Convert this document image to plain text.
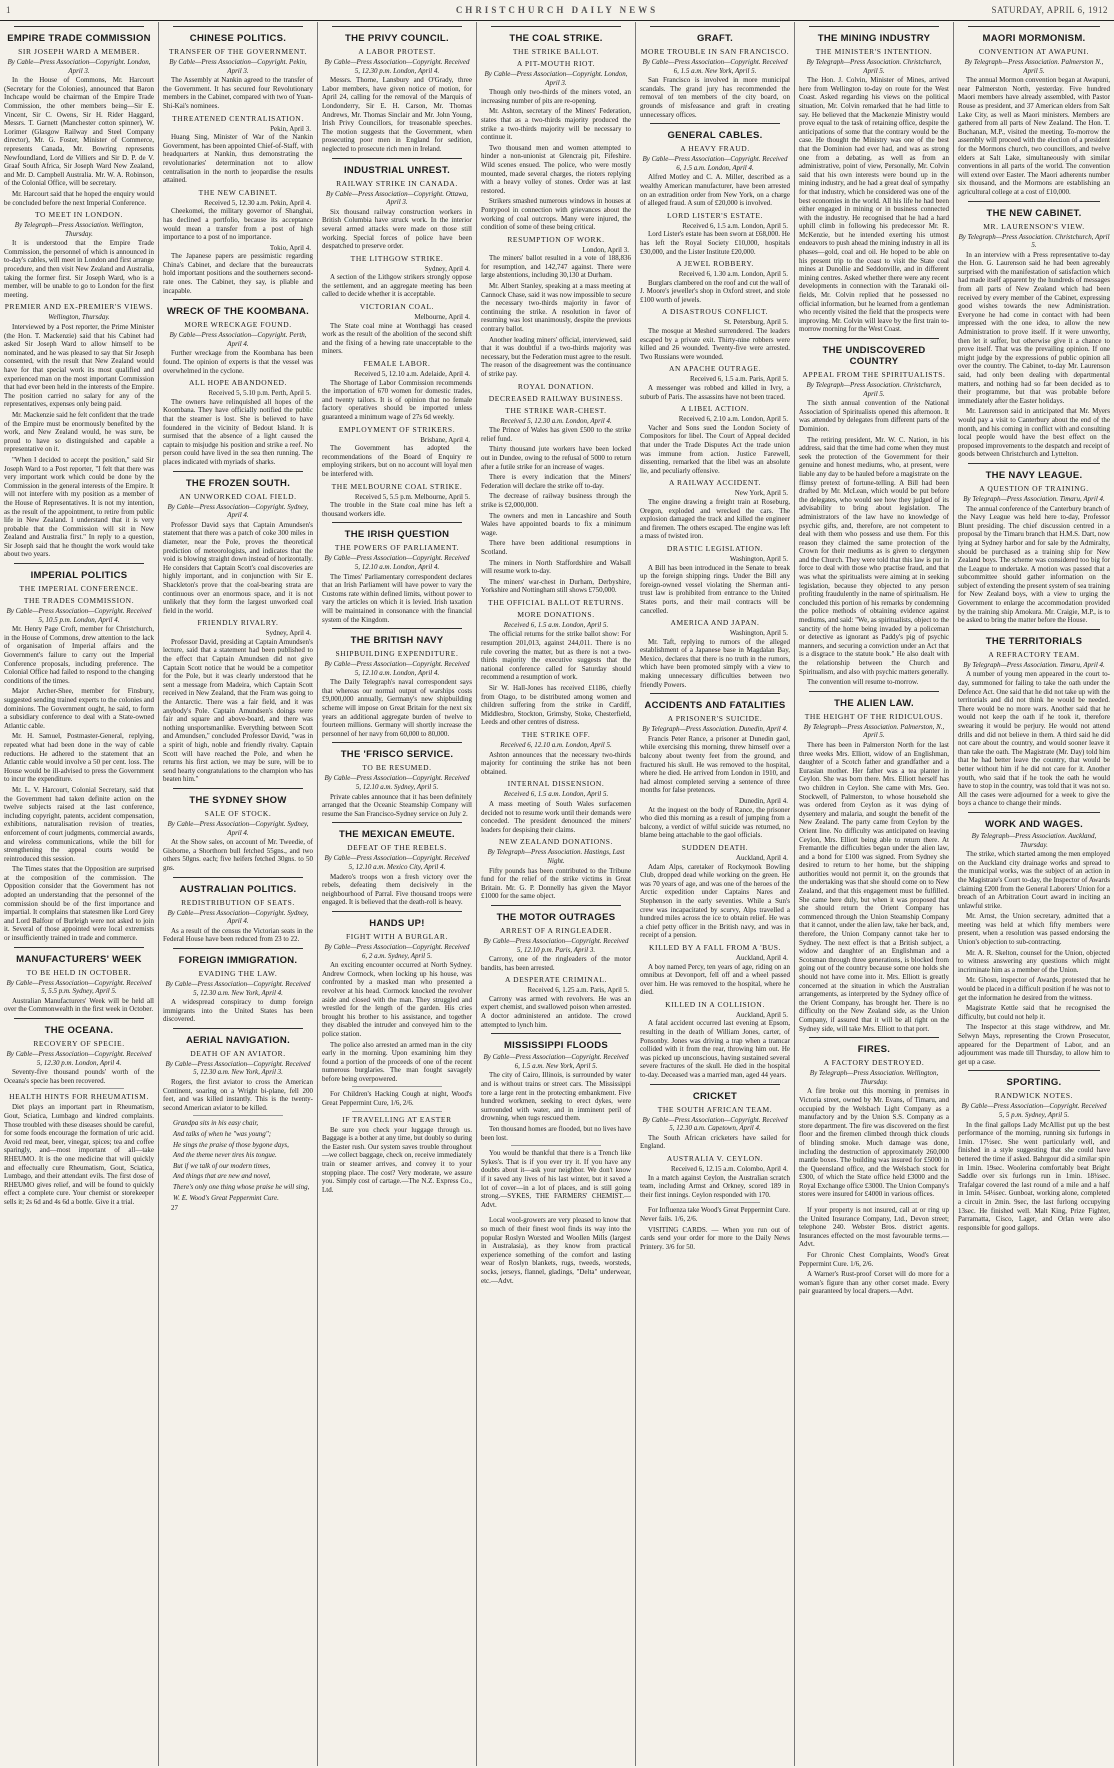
1	CHRISTCHURCH DAILY NEWS	SATURDAY, APRIL 6, 1912
EMPIRE TRADE COMMISSION
SIR JOSEPH WARD A MEMBER.
By Cable—Press Association—Copyright. London, April 3.

In the House of Commons, Mr. Harcourt (Secretary for the Colonies), announced that Baron Inchcape would be chairman of the Empire Trade Commission, the other members being—Sir E. Vincent, Sir C. Owens, Sir H. Rider Haggard, Messrs. T. Garnett (Manchester cotton spinner), W. Lorimer (Glasgow Railway and Steel Company director), Mr. G. Foster, Minister of Commerce, represents Canada, Mr. Bowring represents Newfoundland, Lord de Villiers and Sir D. P. de V. Graaf South Africa, Sir Joseph Ward New Zealand, and Mr. D. Campbell Australia. Mr. W. A. Robinson, of the Colonial Office, will be secretary.

Mr. Harcourt said that he hoped the enquiry would be concluded before the next Imperial Conference.

TO MEET IN LONDON.
By Telegraph—Press Association. Wellington, Thursday.

It is understood that the Empire Trade Commission, the personnel of which is announced in to-day's cables, will meet in London and first arrange procedure, and then visit New Zealand and Australia, taking the former first. Sir Joseph Ward, who is a member, will be unable to go to London for the first meeting.

PREMIER AND EX-PREMIER'S VIEWS.
Wellington, Thursday.

Interviewed by a Post reporter, the Prime Minister (the Hon. T. Mackenzie) said that his Cabinet had asked Sir Joseph Ward to allow himself to be nominated, and he was pleased to say that Sir Joseph consented, with the result that New Zealand would have for that special work its most qualified and experienced man on the most important Commission that had ever been held in the interests of the Empire. The position carried no salary for any of the representatives, expenses only being paid.

Mr. Mackenzie said he felt confident that the trade of the Empire must be enormously benefited by the work, and New Zealand would, he was sure, be proud to have so distinguished and capable a representative on it.

"When I decided to accept the position," said Sir Joseph Ward to a Post reporter, "I felt that there was very important work which could be done by the Commission in the general interests of the Empire. It will not interfere with my position as a member of the House of Representatives. It is not my intention, as the result of the appointment, to retire from public life in New Zealand. I understand that it is very probable that the Commission will sit in New Zealand and Australia first." In reply to a question, Sir Joseph said that he thought the work would take about two years.

IMPERIAL POLITICS
THE IMPERIAL CONFERENCE.
THE TRADES COMMISSION.
By Cable—Press Association—Copyright. Received 5, 10.5 p.m. London, April 4.

Mr. Henry Page Croft, member for Christchurch, in the House of Commons, drew attention to the lack of organisation of Imperial affairs and the Government's failure to carry out the Imperial Conference proposals, including preference. The Colonial Office had failed to respond to the changing conditions of the times.

Major Archer-Shee, member for Finsbury, suggested sending trained experts to the colonies and dominions. The Government ought, he said, to form a subsidiary conference to deal with a State-owned Atlantic cable.

Mr. H. Samuel, Postmaster-General, replying, repeated what had been done in the way of cable reductions. He adhered to the statement that an Atlantic cable would involve a 50 per cent. loss. The House would be ill-advised to press the Government to incur the expenditure.

Mr. L. V. Harcourt, Colonial Secretary, said that the Government had taken definite action on the twelve subjects raised at the last conference, including copyright, patents, accident compensation, exhibitions, naturalisation revision of treaties, enforcement of court judgments, commercial awards, and wireless communications, while the bill for strengthening the appeal courts would be reintroduced this session.

The Times states that the Opposition are surprised at the composition of the commission. The Opposition consider that the Government has not adopted an understanding that the personnel of the commission should be of the first importance and impartial. It complains that statesmen like Lord Grey and Lord Balfour of Burleigh were not asked to join it. Several of those appointed were local extremists or insufficiently trained in trade and commerce.

MANUFACTURERS' WEEK
TO BE HELD IN OCTOBER.
By Cable—Press Association—Copyright. Received 5, 5.5 p.m. Sydney, April 5.

Australian Manufacturers' Week will be held all over the Commonwealth in the first week in October.

THE OCEANA.
RECOVERY OF SPECIE.
By Cable—Press Association—Copyright. Received 5, 12.30 p.m. London, April 4.

Seventy-five thousand pounds' worth of the Oceana's specie has been recovered.

HEALTH HINTS FOR RHEUMATISM.

Diet plays an important part in Rheumatism, Gout, Sciatica, Lumbago and kindred complaints. Those troubled with these diseases should be careful, for some foods encourage the formation of uric acid. Avoid red meat, beer, vinegar, spices; tea and coffee sparingly, and—most important of all—take RHEUMO. It is the one medicine that will quickly and effectually cure Rheumatism, Gout, Sciatica, Lumbago, and their attendant evils. The first dose of RHEUMO gives relief, and will be found to quickly effect a complete cure. Your chemist or storekeeper sells it; 2s 6d and 4s 6d a bottle. Give it a trial.

CHINESE POLITICS.
TRANSFER OF THE GOVERNMENT.
By Cable—Press Association—Copyright. Pekin, April 3.

The Assembly at Nankin agreed to the transfer of the Government. It has secured four Revolutionary members in the Cabinet, compared with two of Yuan-Shi-Kai's nominees.

THREATENED CENTRALISATION.
Pekin, April 3.

Huang Sing, Minister of War of the Nankin Government, has been appointed Chief-of-Staff, with headquarters at Nankin, thus demonstrating the revolutionaries' determination not to allow centralisation in the north to jeopardise the results attained.

THE NEW CABINET.
Received 5, 12.30 a.m. Pekin, April 4.

Cheekomei, the military governor of Shanghai, has declined a portfolio, because its acceptance would mean a transfer from a post of high importance to a post of no importance.

Tokio, April 4.

The Japanese papers are pessimistic regarding China's Cabinet, and declare that the bureaucrats hold important positions and the southerners second-rate ones. The Cabinet, they say, is pliable and incapable.

WRECK OF THE KOOMBANA.
MORE WRECKAGE FOUND.
By Cable—Press Association—Copyright. Perth, April 4.

Further wreckage from the Koombana has been found. The opinion of experts is that the vessel was overwhelmed in the cyclone.

ALL HOPE ABANDONED.
Received 5, 5.10 p.m. Perth, April 5.

The owners have relinquished all hopes of the Koombana. They have officially notified the public that the steamer is lost. She is believed to have foundered in the vicinity of Bedout Island. It is surmised that the absence of a light caused the captain to misjudge his position and strike a reef. No person could have lived in the sea then running. The places indicated with myriads of sharks.

THE FROZEN SOUTH.
AN UNWORKED COAL FIELD.
By Cable—Press Association—Copyright. Sydney, April 4.

Professor David says that Captain Amundsen's statement that there was a patch of coke 300 miles in diameter, near the Pole, proves the theoretical prediction of meteorologists, and indicates that the void is blowing straight down instead of horizontally. He considers that Captain Scott's coal discoveries are highly important, and in conjunction with Sir E. Shackleton's prove that the coal-bearing strata are continuous over an enormous space, and it is not unlikely that they form the largest unworked coal field in the world.

FRIENDLY RIVALRY.
Sydney, April 4.

Professor David, presiding at Captain Amundsen's lecture, said that a statement had been published to the effect that Captain Amundsen did not give Captain Scott notice that he would be a competitor for the Pole, but it was clearly understood that he sent a message from Madeira, which Captain Scott received in New Zealand, that the Fram was going to the Antarctic. There was a fair field, and it was anybody's Pole. Captain Amundsen's doings were fair and square and above-board, and there was nothing unsportsmanlike. Everything between Scott and Amundsen," concluded Professor David, "was in a spirit of high, noble and friendly rivalry. Captain Scott will have reached the Pole, and when he returns his first action, we may be sure, will be to send hearty congratulations to the champion who has beaten him."

THE SYDNEY SHOW
SALE OF STOCK.
By Cable—Press Association—Copyright. Sydney, April 4.

At the Show sales, on account of Mr. Tweedie, of Gisborne, a Shorthorn bull fetched 55gns., and two others 50gns. each; five heifers fetched 30gns. to 50 gns.

AUSTRALIAN POLITICS.
REDISTRIBUTION OF SEATS.
By Cable—Press Association—Copyright. Sydney, April 4.

As a result of the census the Victorian seats in the Federal House have been reduced from 23 to 22.

FOREIGN IMMIGRATION.
EVADING THE LAW.
By Cable—Press Association—Copyright. Received 5, 12.30 a.m. New York, April 4.

A widespread conspiracy to dump foreign immigrants into the United States has been discovered.

AERIAL NAVIGATION.
DEATH OF AN AVIATOR.
By Cable—Press Association—Copyright. Received 5, 12.30 a.m. New York, April 3.

Rogers, the first aviator to cross the American Continent, soaring on a Wright bi-plane, fell 200 feet, and was killed instantly. This is the twenty-second American aviator to be killed.

Grandpa sits in his easy chair,
And talks of when he "was young";
He sings the praise of those bygone days,
And the theme never tires his tongue.
But if we talk of our modern times,
And things that are new and novel,
There's only one thing whose praise he will sing,
W. E. Wood's Great Peppermint Cure.

27

THE PRIVY COUNCIL.
A LABOR PROTEST.
By Cable—Press Association—Copyright. Received 5, 12.30 p.m. London, April 4.

Messrs. Thorne, Lansbury and O'Grady, three Labor members, have given notice of motion, for April 24, calling for the removal of the Marquis of Londonderry, Sir E. H. Carson, Mr. Thomas Andrews, Mr. Thomas Sinclair and Mr. John Young, Irish Privy Councillors, for treasonable speeches. The motion suggests that the Government, when prosecuting poor men in England for sedition, neglected to prosecute rich men in Ireland.

INDUSTRIAL UNREST.
RAILWAY STRIKE IN CANADA.
By Cable—Press Association—Copyright. Ottawa, April 3.

Six thousand railway construction workers in British Columbia have struck work. In the interior several armed attacks were made on those still working. Special forces of police have been despatched to preserve order.

THE LITHGOW STRIKE.
Sydney, April 4.

A section of the Lithgow strikers strongly oppose the settlement, and an aggregate meeting has been called to decide whether it is acceptable.

VICTORIAN COAL.
Melbourne, April 4.

The State coal mine at Wonthaggi has ceased work as the result of the abolition of the second shift and the fixing of a hewing rate unacceptable to the miners.

FEMALE LABOR.
Received 5, 12.10 a.m. Adelaide, April 4.

The Shortage of Labor Commission recommends the importation of 670 women for domestic trades, and twenty tailors. It is of opinion that no female factory operatives should be imported unless guaranteed a minimum wage of 27s 6d weekly.

EMPLOYMENT OF STRIKERS.
Brisbane, April 4.

The Government has adopted the recommendations of the Board of Enquiry re employing strikers, but on no account will loyal men be interfered with.

THE MELBOURNE COAL STRIKE.
Received 5, 5.5 p.m. Melbourne, April 5.

The trouble in the State coal mine has left a thousand workers idle.

THE IRISH QUESTION
THE POWERS OF PARLIAMENT.
By Cable—Press Association—Copyright. Received 5, 12.10 a.m. London, April 4.

The Times' Parliamentary correspondent declares that an Irish Parliament will have power to vary the Customs rate within defined limits, without power to vary the articles on which it is levied. Irish taxation will be maintained in consonance with the financial system of the Kingdom.

THE BRITISH NAVY
SHIPBUILDING EXPENDITURE.
By Cable—Press Association—Copyright. Received 5, 12.10 a.m. London, April 4.

The Daily Telegraph's naval correspondent says that whereas our normal output of warships costs £9,000,000 annually, Germany's new shipbuilding scheme will impose on Great Britain for the next six years an additional aggregate burden of twelve to fourteen millions. Germany will shortly increase the personnel of her navy from 60,000 to 80,000.

THE 'FRISCO SERVICE.
TO BE RESUMED.
By Cable—Press Association—Copyright. Received 5, 12.10 a.m. Sydney, April 5.

Private cables announce that it has been definitely arranged that the Oceanic Steamship Company will resume the San Francisco-Sydney service on July 2.

THE MEXICAN EMEUTE.
DEFEAT OF THE REBELS.
By Cable—Press Association—Copyright. Received 5, 12.10 a.m. Mexico City, April 4.

Madero's troops won a fresh victory over the rebels, defeating them decisively in the neighbourhood of Parral. Five thousand troops were engaged. It is believed that the death-roll is heavy.

HANDS UP!
FIGHT WITH A BURGLAR.
By Cable—Press Association—Copyright. Received 6, 2 a.m. Sydney, April 5.

An exciting encounter occurred at North Sydney. Andrew Cormock, when locking up his house, was confronted by a masked man who presented a revolver at his head. Cormock knocked the revolver aside and closed with the man. They struggled and wrestled for the length of the garden. His cries brought his brother to his assistance, and together they disabled the intruder and conveyed him to the police station.

The police also arrested an armed man in the city early in the morning. Upon examining him they found a portion of the proceeds of one of the recent numerous burglaries. The man fought savagely before being overpowered.

For Children's Hacking Cough at night, Wood's Great Peppermint Cure, 1/6, 2/6.

IF TRAVELLING AT EASTER

Be sure you check your luggage through us. Baggage is a bother at any time, but doubly so during the Easter rush. Our system saves trouble throughout—we collect baggage, check on, receive immediately train or steamer arrives, and convey it to your stopping place. The cost? Very moderate, we assure you. Simply cost of cartage.—The N.Z. Express Co., Ltd.

THE COAL STRIKE.
THE STRIKE BALLOT.
A PIT-MOUTH RIOT.
By Cable—Press Association—Copyright. London, April 3.

Though only two-thirds of the miners voted, an increasing number of pits are re-opening.

Mr. Ashton, secretary of the Miners' Federation, states that as a two-thirds majority produced the strike a two-thirds majority will be necessary to continue it.

Two thousand men and women attempted to hinder a non-unionist at Glencraig pit, Fifeshire. Wild scenes ensued. The police, who were mostly mounted, made several charges, the rioters replying with a heavy volley of stones. Order was at last restored.

Strikers smashed numerous windows in houses at Pontypool in connection with grievances about the working of coal outcrops. Many were injured, the condition of some of these being critical.

RESUMPTION OF WORK.
London, April 3.

The miners' ballot resulted in a vote of 188,836 for resumption, and 142,747 against. There were large abstentions, including 30,130 at Durham.

Mr. Albert Stanley, speaking at a mass meeting at Cannock Chase, said it was now impossible to secure the necessary two-thirds majority in favor of continuing the strike. A resolution in favor of resuming was lost unanimously, despite the previous contrary ballot.

Another leading miners' official, interviewed, said that it was doubtful if a two-thirds majority was necessary, but the Federation must agree to the result. The reason of the disagreement was the continuance of strike pay.

ROYAL DONATION.
DECREASED RAILWAY BUSINESS.
THE STRIKE WAR-CHEST.
Received 5, 12.30 a.m. London, April 4.

The Prince of Wales has given £500 to the strike relief fund.

Thirty thousand jute workers have been locked out in Dundee, owing to the refusal of 5000 to return after a futile strike for an increase of wages.

There is every indication that the Miners' Federation will declare the strike off to-day.

The decrease of railway business through the strike is £2,000,000.

The owners and men in Lancashire and South Wales have appointed boards to fix a minimum wage.

There have been additional resumptions in Scotland.

The miners in North Staffordshire and Walsall will resume work to-day.

The miners' war-chest in Durham, Derbyshire, Yorkshire and Nottingham still shows £750,000.

THE OFFICIAL BALLOT RETURNS.
MORE DONATIONS.
Received 6, 1.5 a.m. London, April 5.

The official returns for the strike ballot show: For resumption 201,013, against 244,011. There is no rule covering the matter, but as there is not a two-thirds majority the executive suggests that the national conference called for Saturday should recommend a resumption of work.

Sir W. Hall-Jones has received £1186, chiefly from Otago, to be distributed among women and children suffering from the strike in Cardiff, Middlesbro, Stockton, Grimsby, Stoke, Chesterfield, Leeds and other centres of distress.

THE STRIKE OFF.
Received 6, 12.10 a.m. London, April 5.

Ashton announces that the necessary two-thirds majority for continuing the strike has not been obtained.

INTERNAL DISSENSION.
Received 6, 1.5 a.m. London, April 5.

A mass meeting of South Wales surfacemen decided not to resume work until their demands were conceded. The president denounced the miners' leaders for despising their claims.

NEW ZEALAND DONATIONS.
By Telegraph—Press Association. Hastings, Last Night.

Fifty pounds has been contributed to the Tribune fund for the relief of the strike victims in Great Britain. Mr. G. P. Donnelly has given the Mayor £1000 for the same object.

THE MOTOR OUTRAGES
ARREST OF A RINGLEADER.
By Cable—Press Association—Copyright. Received 5, 12.10 p.m. Paris, April 3.

Carrony, one of the ringleaders of the motor bandits, has been arrested.

A DESPERATE CRIMINAL.
Received 6, 1.25 a.m. Paris, April 5.

Carrony was armed with revolvers. He was an expert chemist, and swallowed poison when arrested. A doctor administered an antidote. The crowd attempted to lynch him.

MISSISSIPPI FLOODS
By Cable—Press Association—Copyright. Received 6, 1.5 a.m. New York, April 5.

The city of Cairo, Illinois, is surrounded by water and is without trains or street cars. The Mississippi tore a large rent in the protecting embankment. Five hundred workmen, seeking to erect dykes, were surrounded with water, and in imminent peril of drowning, when tugs rescued them.

Ten thousand homes are flooded, but no lives have been lost.

You would be thankful that there is a Trench like Sykes's. That is if you ever try it. If you have any doubts about it—ask your neighbor. We don't know if it saved any lives of his last winter, but it saved a lot of cover—in a lot of places, and is still going strong.—SYKES, THE FARMERS' CHEMIST.—Advt.

Local wool-growers are very pleased to know that so much of their finest wool finds its way into the popular Roslyn Worsted and Woollen Mills (largest in Australasia), as they know from practical experience something of the comfort and lasting wear of Roslyn blankets, rugs, tweeds, worsteds, socks, jerseys, flannel, gladings, "Delta" underwear, etc.—Advt.

GRAFT.
MORE TROUBLE IN SAN FRANCISCO.
By Cable—Press Association—Copyright. Received 6, 1.5 a.m. New York, April 5.

San Francisco is involved in more municipal scandals. The grand jury has recommended the removal of ten members of the city board, on grounds of misfeasance and graft in creating unnecessary offices.

GENERAL CABLES.
A HEAVY FRAUD.
By Cable—Press Association—Copyright. Received 6, 1.5 a.m. London, April 4.

Alfred Motley and C. A. Miller, described as a wealthy American manufacturer, have been arrested on an extradition order from New York, on a charge of alleged fraud. A sum of £20,000 is involved.

LORD LISTER'S ESTATE.
Received 6, 1.5 a.m. London, April 5.

Lord Lister's estate has been sworn at £68,000. He has left the Royal Society £10,000, hospitals £30,000, and the Lister Institute £20,000.

A JEWEL ROBBERY.
Received 6, 1.30 a.m. London, April 5.

Burglars clambered on the roof and cut the wall of J. Moore's jeweller's shop in Oxford street, and stole £100 worth of jewels.

A DISASTROUS CONFLICT.
St. Petersburg, April 5.

The mosque at Meshed surrendered. The leaders escaped by a private exit. Thirty-nine robbers were killed and 26 wounded. Twenty-five were arrested. Two Russians were wounded.

AN APACHE OUTRAGE.
Received 6, 1.5 a.m. Paris, April 5.

A messenger was robbed and killed in Ivry, a suburb of Paris. The assassins have not been traced.

A LIBEL ACTION.
Received 6, 2.10 a.m. London, April 5.

Vacher and Sons sued the London Society of Compositors for libel. The Court of Appeal decided that under the Trade Disputes Act the trade union was immune from action. Justice Farewell, dissenting, remarked that the libel was an absolute lie, and peculiarly offensive.

A RAILWAY ACCIDENT.
New York, April 5.

The engine drawing a freight train at Roseburg, Oregon, exploded and wrecked the cars. The explosion damaged the track and killed the engineer and firemen. The others escaped. The engine was left a mass of twisted iron.

DRASTIC LEGISLATION.
Washington, April 5.

A Bill has been introduced in the Senate to break up the foreign shipping rings. Under the Bill any foreign-owned vessel violating the Sherman anti-trust law is prohibited from entrance to the United States ports, and their mail contracts will be cancelled.

AMERICA AND JAPAN.
Washington, April 5.

Mr. Taft, replying to rumors of the alleged establishment of a Japanese base in Magdalan Bay, Mexico, declares that there is no truth in the rumors, which have been promoted simply with a view to making unnecessary difficulties between two friendly Powers.

ACCIDENTS AND FATALITIES
A PRISONER'S SUICIDE.
By Telegraph—Press Association. Dunedin, April 4.

Francis Peter Rance, a prisoner at Dunedin gaol, while exercising this morning, threw himself over a balcony about twenty feet from the ground, and fractured his skull. He was removed to the hospital, where he died. He arrived from London in 1910, and had almost completed serving a sentence of three months for false pretences.

Dunedin, April 4.

At the inquest on the body of Rance, the prisoner who died this morning as a result of jumping from a balcony, a verdict of wilful suicide was returned, no blame being attachable to the gaol officials.

SUDDEN DEATH.
Auckland, April 4.

Adam Alps, caretaker of Rockymook Bowling Club, dropped dead while working on the green. He was 70 years of age, and was one of the heroes of the Arctic expedition under Captains Nares and Stephenson in the early seventies. While a Sun's crew was incapacitated by scurvy, Alps travelled a hundred miles across the ice to obtain relief. He was a chief petty officer in the British navy, and was in receipt of a pension.

KILLED BY A FALL FROM A 'BUS.
Auckland, April 4.

A boy named Percy, ten years of age, riding on an omnibus at Devonport, fell off and a wheel passed over him. He was removed to the hospital, where he died.

KILLED IN A COLLISION.
Auckland, April 5.

A fatal accident occurred last evening at Epsom, resulting in the death of William Jones, carter, of Ponsonby. Jones was driving a trap when a tramcar collided with it from the rear, throwing him out. He was picked up unconscious, having sustained several severe fractures of the skull. He died in the hospital to-day. Deceased was a married man, aged 44 years.

CRICKET
THE SOUTH AFRICAN TEAM.
By Cable—Press Association—Copyright. Received 5, 12.30 a.m. Capetown, April 4.

The South African cricketers have sailed for England.

AUSTRALIA V. CEYLON.
Received 6, 12.15 a.m. Colombo, April 4.

In a match against Ceylon, the Australian scratch team, including Armst and Orkney, scored 189 in their first innings. Ceylon responded with 170.

For Influenza take Wood's Great Peppermint Cure. Never fails. 1/6, 2/6.

VISITING CARDS. — When you run out of cards send your order for more to the Daily News Printery. 3/6 for 50.

THE MINING INDUSTRY
THE MINISTER'S INTENTION.
By Telegraph—Press Association. Christchurch, April 5.

The Hon. J. Colvin, Minister of Mines, arrived here from Wellington to-day on route for the West Coast. Asked regarding his views on the political situation, Mr. Colvin remarked that he had little to say. He believed that the Mackenzie Ministry would prove equal to the task of retaining office, despite the anticipations of some that the contrary would be the case. He thought the Ministry was one of the best that the Dominion had ever had, and was as strong one from a debating, as well as from an administrative, point of view, Personally, Mr. Colvin said that his own interests were bound up in the mining industry, and he had a great deal of sympathy for that industry, which he considered was one of the best economies in the world. All his life he had been either engaged in mining or in business connected with the industry. He recognised that he had a hard uphill climb in following his predecessor Mr. R. McKenzie, but he intended exerting his utmost endeavors to push ahead the mining industry in all its phases—gold, coal and oil. He hoped to be able on his present trip to the coast to visit the State coal mines at Dunollie and Seddonville, and in different mining centres. Asked whether there were any recent developments in connection with the Taranaki oil-fields, Mr. Colvin replied that he possessed no official information, but he learned from a gentleman who recently visited the field that the prospects were improving. Mr. Colvin will leave by the first train to-morrow morning for the West Coast.

THE UNDISCOVERED COUNTRY
APPEAL FROM THE SPIRITUALISTS.
By Telegraph—Press Association. Christchurch, April 5.

The sixth annual convention of the National Association of Spiritualists opened this afternoon. It was attended by delegates from different parts of the Dominion.

The retiring president, Mr. W. C. Nation, in his address, said that the time had come when they must seek the protection of the Government for their genuine and honest mediums, who, at present, were liable any day to be hauled before a magistrate on the flimsy pretext of fortune-telling. A Bill had been drafted by Mr. McLean, which would be put before the delegates, who would see how they judged of its advisability to bring about legislation. The administrators of the law have no knowledge of psychic gifts, and, therefore, are not competent to deal with them who possess and use them. For this reason they claimed the same protection of the Crown for their mediums as is given to clergymen and the Church. They were told that this law is put in force to deal with those who practise fraud, and that was what the spiritualists were aiming at in seeking legislation, because they objected to any person profiting fraudulently in the name of spiritualism. He concluded this portion of his remarks by condemning the police methods of obtaining evidence against mediums, and said: "We, as spiritualists, object to the sanctity of the home being invaded by a policeman or detective as ignorant as Paddy's pig of psychic manners, and securing a conviction under an Act that is a disgrace to the statute book." He also dealt with the relationship between the Church and Spiritualism, and also with psychic matters generally.

The convention will resume to-morrow.

THE ALIEN LAW.
THE HEIGHT OF THE RIDICULOUS.
By Telegraph—Press Association. Palmerston, N., April 5.

There has been in Palmerston North for the last three weeks Mrs. Elliott, widow of an Englishman, daughter of a Scotch father and grandfather and a Eurasian mother. Her father was a tea planter in Ceylon. She was born there. Mrs. Elliott herself has two children in Ceylon. She came with Mrs. Geo. Stockwell, of Palmerston, to whose household she was ordered from Ceylon as it was dying of dysentery and malaria, and sought the benefit of the New Zealand. The party came from Ceylon by the Orient line. No difficulty was anticipated on leaving Ceylon, Mrs. Elliott being able to return there. At Fremantle the difficulties began under the alien law, and a bond for £100 was signed. From Sydney she desired to return to her home, but the shipping authorities would not permit it, on the grounds that the undertaking was that she should come on to New Zealand, and that this engagement must be fulfilled. She came here duly, but when it was proposed that she should return the Orient Company has commenced through the Union Steamship Company that it cannot, under the alien law, take her back, and, therefore, the Union Company cannot take her to Sydney. The next effect is that a British subject, a widow and daughter of an Englishman and a Scotsman through three generations, is blocked from going out of the country because some one holds she should not have come into it. Mrs. Elliott is greatly concerned at the situation in which the Australian arrangements, as interpreted by the Sydney office of the Orient Company, has brought her. There is no difficulty on the New Zealand side, as the Union Company, if assured that it will be all right on the Sydney side, will take Mrs. Elliott to that port.

FIRES.
A FACTORY DESTROYED.
By Telegraph—Press Association. Wellington, Thursday.

A fire broke out this morning in premises in Victoria street, owned by Mr. Evans, of Timaru, and occupied by the Welsbach Light Company as a manufactory and by the Union S.S. Company as a store department. The fire was discovered on the first floor and the firemen climbed through thick clouds of blinding smoke. Much damage was done, including the destruction of approximately 260,000 mantle boxes. The building was insured for £5000 in the Queensland office, and the Welsbach stock for £300, of which the State office held £3000 and the Royal Exchange office £3000. The Union Company's stores were insured for £4000 in various offices.

If your property is not insured, call at or ring up the United Insurance Company, Ltd., Devon street; telephone 240. Webster Bros. district agents. Insurances effected on the most favourable terms.—Advt.

For Chronic Chest Complaints, Wood's Great Peppermint Cure. 1/6, 2/6.

A Warner's Rust-proof Corset will do more for a woman's figure than any other corset made. Every pair guaranteed by local drapers.—Advt.

MAORI MORMONISM.
CONVENTION AT AWAPUNI.
By Telegraph—Press Association. Palmerston N., April 5.

The annual Mormon convention began at Awapuni, near Palmerston North, yesterday. Five hundred Maori members have already assembled, with Pastor Rouse as president, and 37 American elders from Salt Lake City, as well as Maori ministers. Members are gathered from all parts of New Zealand. The Hon. T. Buchanan, M.P., visited the meeting. To-morrow the assembly will proceed with the election of a president for the Mormons church, two councillors, and twelve elders at Salt Lake, simultaneously with similar conventions in all parts of the world. The convention will extend over Easter. The Maori adherents number six thousand, and the Mormons are establishing an agricultural college at a cost of £10,000.

THE NEW CABINET.
MR. LAURENSON'S VIEW.
By Telegraph—Press Association. Christchurch, April 5.

In an interview with a Press representative to-day the Hon. G. Laurenson said he had been agreeably surprised with the manifestation of satisfaction which had made itself apparent by the hundreds of messages from all parts of New Zealand which had been received by every member of the Cabinet, expressing good wishes towards the new Administration. Everyone he had come in contact with had been impressed with the one idea, to allow the new Administration to prove itself. If it were unworthy, then let it suffer, but otherwise give it a chance to prove itself. That was the prevailing opinion. If one might judge by the expressions of public opinion all over the country. The Cabinet, to-day Mr. Laurenson said, had only been dealing with departmental matters, and nothing had so far been decided as to their programme, but that was probable before immediately after the Easter holidays.

Mr. Laurenson said in anticipated that Mr. Myers would pay a visit to Canterbury about the end of the month, and his coming in conflict with and consulting local people would have the best effect on the proposed improvements to the despatch and receipt of goods between Christchurch and Lyttelton.

THE NAVY LEAGUE.
A QUESTION OF TRAINING.
By Telegraph—Press Association. Timaru, April 4.

The annual conference of the Canterbury branch of the Navy League was held here to-day, Professor Blunt presiding. The chief discussion centred in a proposal by the Timaru branch that H.M.S. Dart, now lying at Sydney harbor and for sale by the Admiralty, should be purchased as a training ship for New Zealand boys. The scheme was considered too big for the League to undertake. A motion was passed that a subcommittee should gather information on the subject of extending the present system of sea training for New Zealand boys, with a view to urging the Government to enlarge the accommodation provided by the training ship Amokura. Mr. Craigie, M.P., is to be asked to bring the matter before the House.

THE TERRITORIALS
A REFRACTORY TEAM.
By Telegraph—Press Association. Timaru, April 4.

A number of young men appeared in the court to-day, summoned for failing to take the oath under the Defence Act. One said that he did not take up with the territorials and did not think he would be needed. There would be no more wars. Another said that he would not keep the oath if he took it, therefore swearing it would be perjury. He would not attend drills and did not believe in them. A third said he did not care about the country, and would sooner leave it than take the oath. The Magistrate (Mr. Day) told him that he had better leave the country, that would be better without him if he did not care for it. Another youth, who said that if he took the oath he would have to stop in the country, was told that it was not so. All the cases were adjourned for a week to give the boys a chance to change their minds.

WORK AND WAGES.
By Telegraph—Press Association. Auckland, Thursday.

The strike, which started among the men employed on the Auckland city drainage works and spread to the municipal works, was the subject of an action in the Magistrate's Court to-day, the Inspector of Awards claiming £200 from the General Laborers' Union for a breach of an Arbitration Court award in inciting an unlawful strike.

Mr. Arnst, the Union secretary, admitted that a meeting was held at which fifty members were present, when a resolution was passed endorsing the Union's objection to sub-contracting.

Mr. A. R. Skelton, counsel for the Union, objected to witness answering any questions which might incriminate him as a member of the Union.

Mr. Ghosn, inspector of Awards, protested that he would be placed in a difficult position if he was not to get the information he desired from the witness.

Magistrate Kettle said that he recognised the difficulty, but could not help it.

The Inspector at this stage withdrew, and Mr. Selwyn Mays, representing the Crown Prosecutor, appeared for the Department of Labor, and an adjournment was made till Thursday, to allow him to get up a case.

SPORTING.
RANDWICK NOTES.
By Cable—Press Association—Copyright. Received 5, 5 p.m. Sydney, April 5.

In the final gallops Lady McAllist put up the best performance of the morning, running six furlongs in 1min. 17½sec. She went particularly well, and finished in a style suggesting that she could have bettered the time if asked. Bahrgour did a similar spin in 1min. 19sec. Woolerina comfortably beat Bright Saddle over six furlongs run in 1min. 18¾sec. Trafalgar covered the last round of a mile and a half in 1min. 54¼sec. Gunboat, working alone, completed a circuit in 2min. 9sec, the last furlong occupying 13sec. He finished well. Malt King, Prize Fighter, Parramatta, Cisco, Lager, and Orlan were also responsible for good gallops.
